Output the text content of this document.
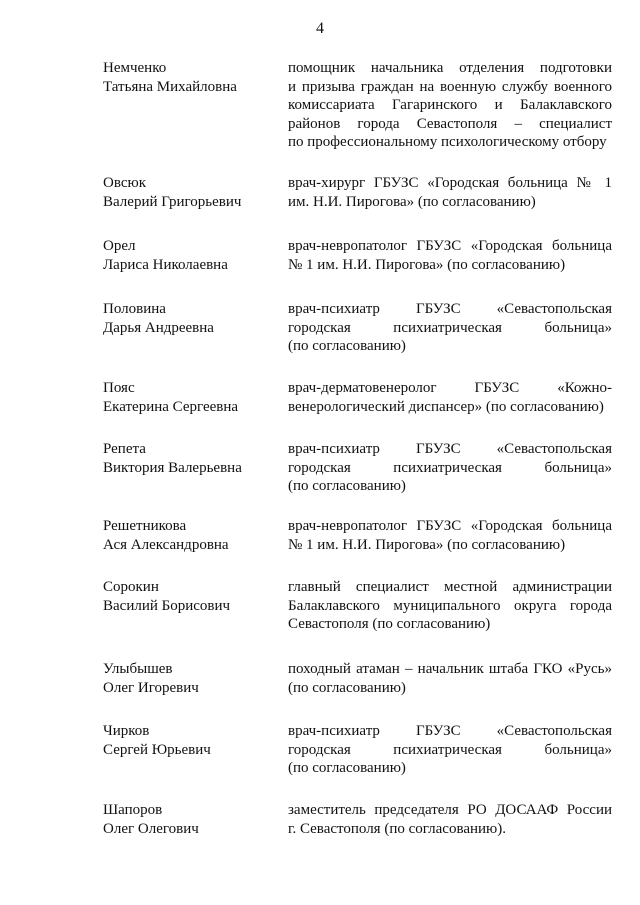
4
Немченко
Татьяна Михайловна
помощник начальника отделения подготовки
и призыва граждан на военную службу военного
комиссариата Гагаринского и Балаклавского
районов города Севастополя – специалист
по профессиональному психологическому отбору
Овсюк
Валерий Григорьевич
врач-хирург ГБУЗС «Городская больница № 1
им. Н.И. Пирогова» (по согласованию)
Орел
Лариса Николаевна
врач-невропатолог ГБУЗС «Городская больница
№ 1 им. Н.И. Пирогова» (по согласованию)
Половина
Дарья Андреевна
врач-психиатр ГБУЗС «Севастопольская
городская психиатрическая больница»
(по согласованию)
Пояс
Екатерина Сергеевна
врач-дерматовенеролог ГБУЗС «Кожно-
венерологический диспансер» (по согласованию)
Репета
Виктория Валерьевна
врач-психиатр ГБУЗС «Севастопольская
городская психиатрическая больница»
(по согласованию)
Решетникова
Ася Александровна
врач-невропатолог ГБУЗС «Городская больница
№ 1 им. Н.И. Пирогова» (по согласованию)
Сорокин
Василий Борисович
главный специалист местной администрации
Балаклавского муниципального округа города
Севастополя (по согласованию)
Улыбышев
Олег Игоревич
походный атаман – начальник штаба ГКО «Русь»
(по согласованию)
Чирков
Сергей Юрьевич
врач-психиатр ГБУЗС «Севастопольская
городская психиатрическая больница»
(по согласованию)
Шапоров
Олег Олегович
заместитель председателя РО ДОСААФ России
г. Севастополя (по согласованию).
